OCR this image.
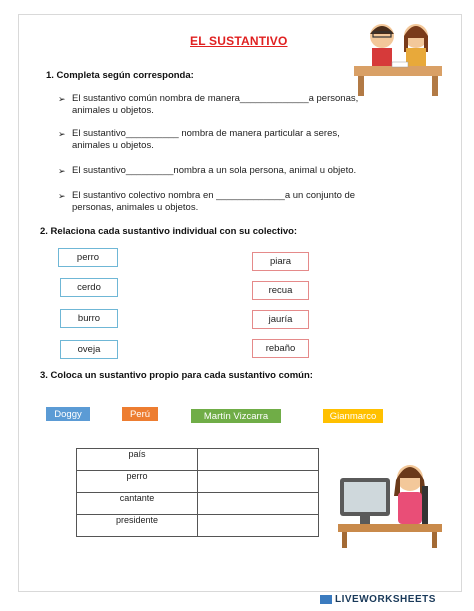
EL SUSTANTIVO
1. Completa según corresponda:
➢ El sustantivo común nombra de manera_____________a personas,
animales u objetos.
➢ El sustantivo__________ nombra de manera particular a seres,
animales u objetos.
➢ El sustantivo_________nombra a un sola persona, animal u objeto.
➢ El sustantivo colectivo nombra en _____________a un conjunto de
personas, animales u objetos.
2. Relaciona cada sustantivo individual con su colectivo:
perro
cerdo
burro
oveja
piara
recua
jauría
rebaño
3. Coloca un sustantivo propio para cada sustantivo común:
Doggy	Perú	Martín Vizcarra	Gianmarco
país	
perro	
cantante	
presidente	
LIVEWORKSHEETS
